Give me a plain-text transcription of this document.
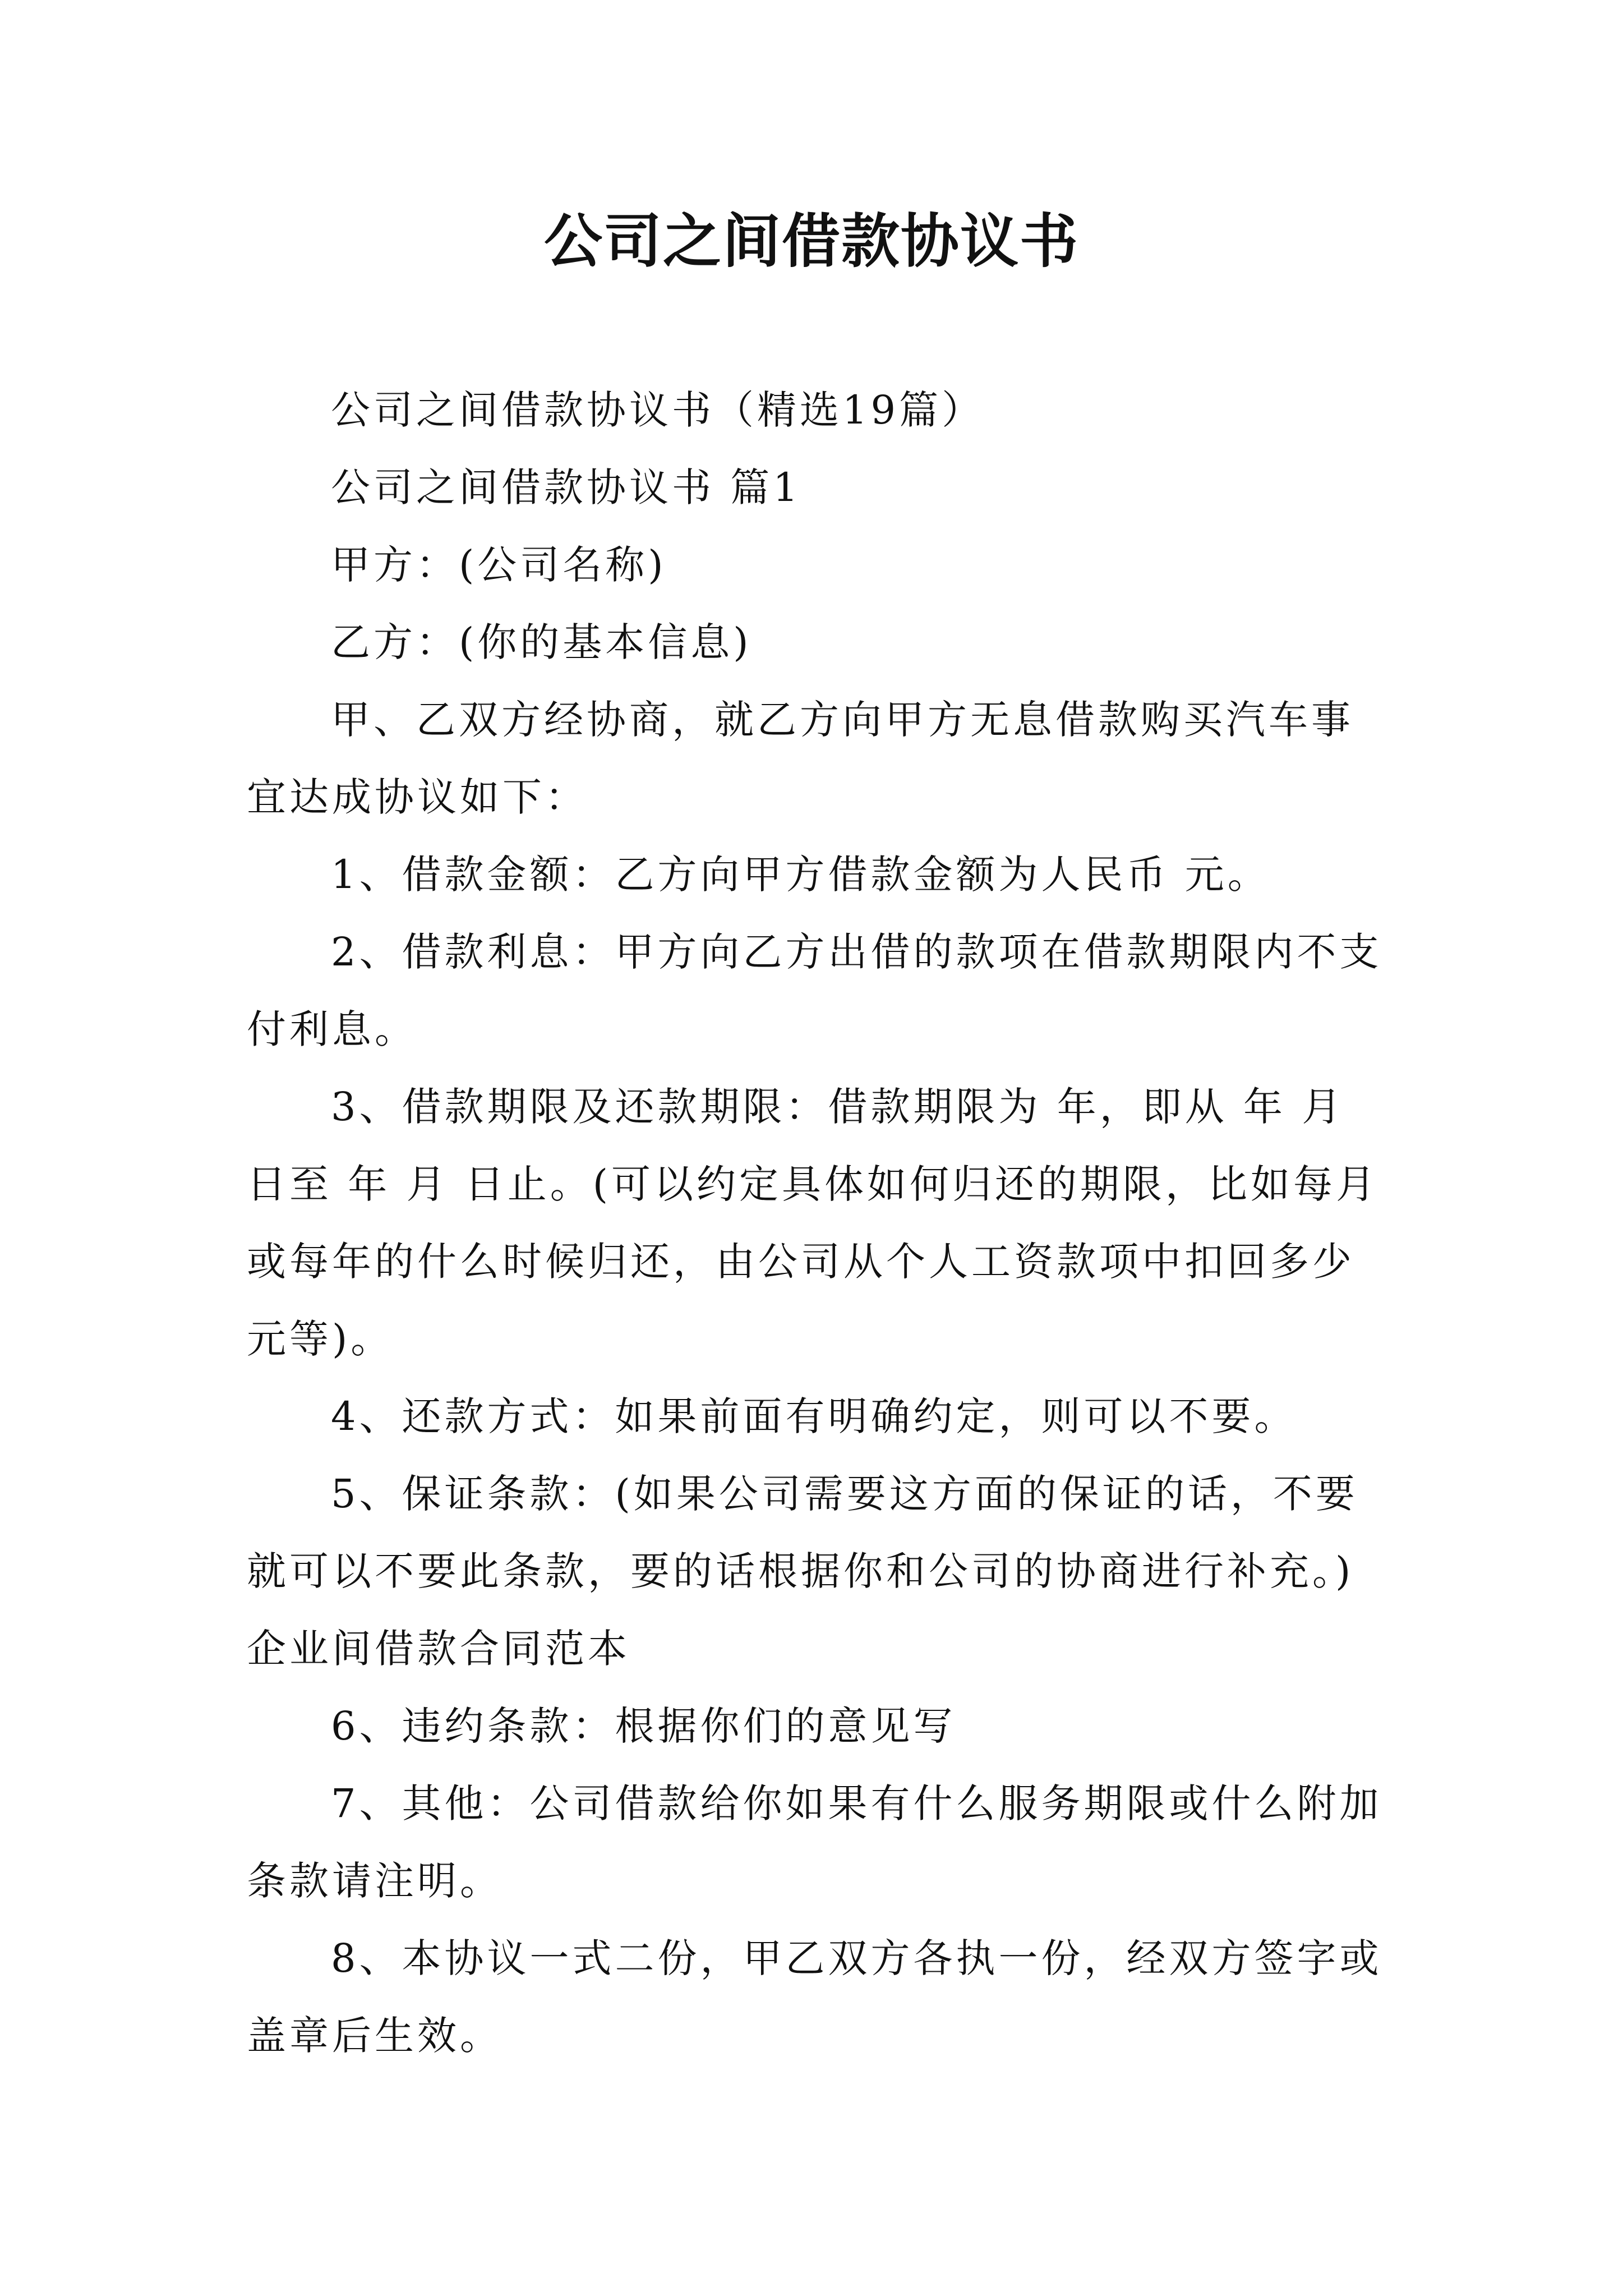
公司之间借款协议书

公司之间借款协议书（精选19篇）

公司之间借款协议书 篇1

甲方：(公司名称)

乙方：(你的基本信息)

甲、乙双方经协商，就乙方向甲方无息借款购买汽车事宜达成协议如下：

1、借款金额：乙方向甲方借款金额为人民币 元。

2、借款利息：甲方向乙方出借的款项在借款期限内不支付利息。

3、借款期限及还款期限：借款期限为 年，即从 年 月 日至 年 月 日止。(可以约定具体如何归还的期限，比如每月或每年的什么时候归还，由公司从个人工资款项中扣回多少元等)。

4、还款方式：如果前面有明确约定，则可以不要。

5、保证条款：(如果公司需要这方面的保证的话，不要就可以不要此条款，要的话根据你和公司的协商进行补充。)

企业间借款合同范本

6、违约条款：根据你们的意见写

7、其他：公司借款给你如果有什么服务期限或什么附加条款请注明。

8、本协议一式二份，甲乙双方各执一份，经双方签字或盖章后生效。
